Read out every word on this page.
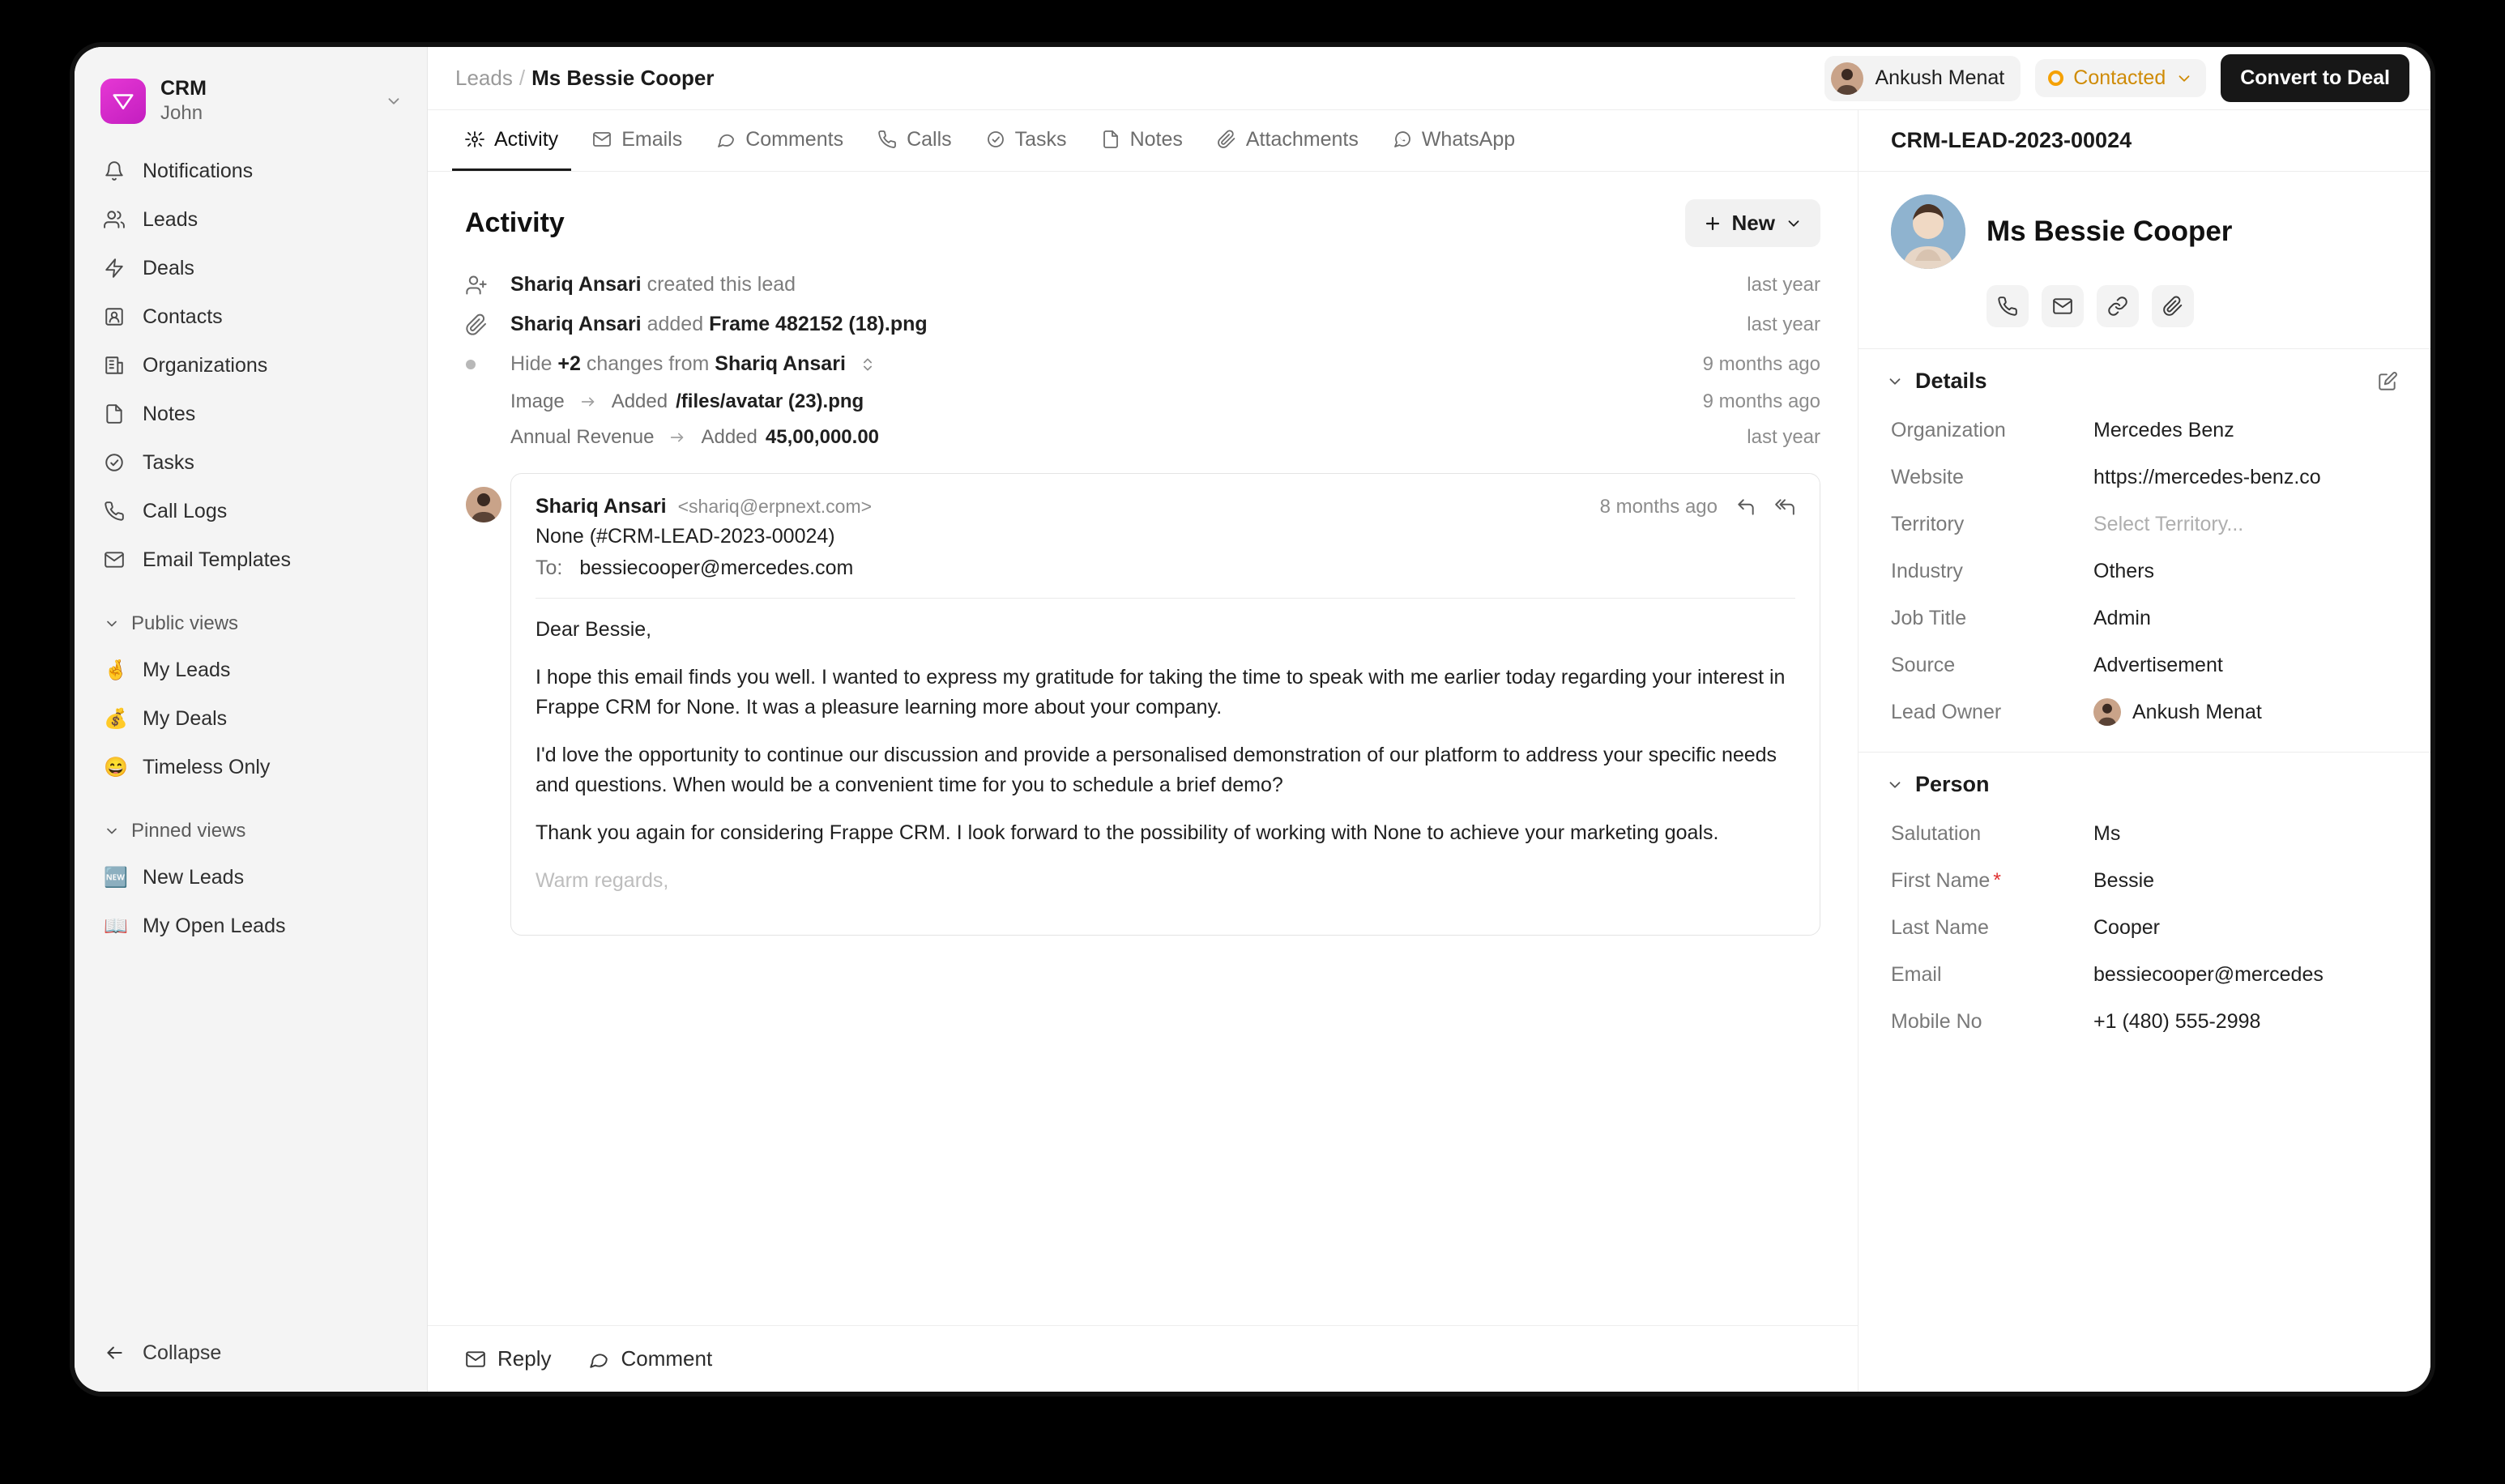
CRM
John
Notifications
Leads
Deals
Contacts
Organizations
Notes
Tasks
Call Logs
Email Templates
Public views
🤞 My Leads
💰 My Deals
😄 Timeless Only
Pinned views
🆕 New Leads
📖 My Open Leads
Collapse
Leads / Ms Bessie Cooper	Ankush Menat	Contacted	Convert to Deal
Activity	Emails	Comments	Calls	Tasks	Notes	Attachments	WhatsApp
Activity	New
Shariq Ansari created this lead	last year
Shariq Ansari added Frame 482152 (18).png	last year
Hide +2 changes from Shariq Ansari	9 months ago
Image Added /files/avatar (23).png	9 months ago
Annual Revenue Added 45,00,000.00	last year
Shariq Ansari <shariq@erpnext.com>	8 months ago
None (#CRM-LEAD-2023-00024)
To: bessiecooper@mercedes.com

Dear Bessie,

I hope this email finds you well. I wanted to express my gratitude for taking the time to speak with me earlier today regarding your interest in Frappe CRM for None. It was a pleasure learning more about your company.

I'd love the opportunity to continue our discussion and provide a personalised demonstration of our platform to address your specific needs and questions. When would be a convenient time for you to schedule a brief demo?

Thank you again for considering Frappe CRM. I look forward to the possibility of working with None to achieve your marketing goals.

Warm regards,

Reply	Comment
CRM-LEAD-2023-00024
Ms Bessie Cooper
Details
Organization	Mercedes Benz
Website	https://mercedes-benz.co
Territory	Select Territory...
Industry	Others
Job Title	Admin
Source	Advertisement
Lead Owner	Ankush Menat
Person
Salutation	Ms
First Name *	Bessie
Last Name	Cooper
Email	bessiecooper@mercedes
Mobile No	+1 (480) 555-2998
